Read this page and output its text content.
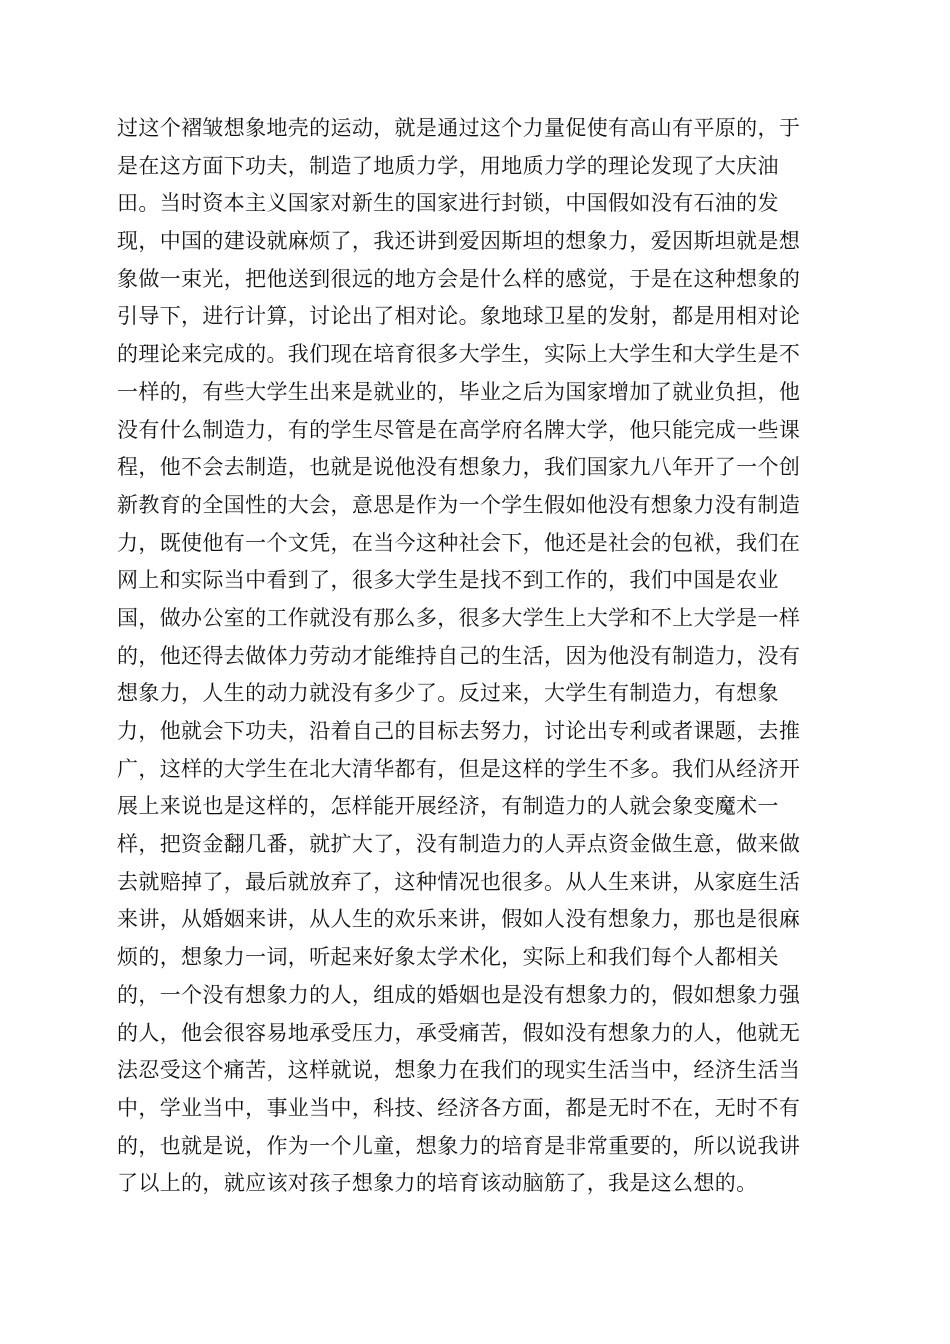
过这个褶皱想象地壳的运动，就是通过这个力量促使有高山有平原的，于
是在这方面下功夫，制造了地质力学，用地质力学的理论发现了大庆油
田。当时资本主义国家对新生的国家进行封锁，中国假如没有石油的发
现，中国的建设就麻烦了，我还讲到爱因斯坦的想象力，爱因斯坦就是想
象做一束光，把他送到很远的地方会是什么样的感觉，于是在这种想象的
引导下，进行计算，讨论出了相对论。象地球卫星的发射，都是用相对论
的理论来完成的。我们现在培育很多大学生，实际上大学生和大学生是不
一样的，有些大学生出来是就业的，毕业之后为国家增加了就业负担，他
没有什么制造力，有的学生尽管是在高学府名牌大学，他只能完成一些课
程，他不会去制造，也就是说他没有想象力，我们国家九八年开了一个创
新教育的全国性的大会，意思是作为一个学生假如他没有想象力没有制造
力，既使他有一个文凭，在当今这种社会下，他还是社会的包袱，我们在
网上和实际当中看到了，很多大学生是找不到工作的，我们中国是农业
国，做办公室的工作就没有那么多，很多大学生上大学和不上大学是一样
的，他还得去做体力劳动才能维持自己的生活，因为他没有制造力，没有
想象力，人生的动力就没有多少了。反过来，大学生有制造力，有想象
力，他就会下功夫，沿着自己的目标去努力，讨论出专利或者课题，去推
广，这样的大学生在北大清华都有，但是这样的学生不多。我们从经济开
展上来说也是这样的，怎样能开展经济，有制造力的人就会象变魔术一
样，把资金翻几番，就扩大了，没有制造力的人弄点资金做生意，做来做
去就赔掉了，最后就放弃了，这种情况也很多。从人生来讲，从家庭生活
来讲，从婚姻来讲，从人生的欢乐来讲，假如人没有想象力，那也是很麻
烦的，想象力一词，听起来好象太学术化，实际上和我们每个人都相关
的，一个没有想象力的人，组成的婚姻也是没有想象力的，假如想象力强
的人，他会很容易地承受压力，承受痛苦，假如没有想象力的人，他就无
法忍受这个痛苦，这样就说，想象力在我们的现实生活当中，经济生活当
中，学业当中，事业当中，科技、经济各方面，都是无时不在，无时不有
的，也就是说，作为一个儿童，想象力的培育是非常重要的，所以说我讲
了以上的，就应该对孩子想象力的培育该动脑筋了，我是这么想的。
